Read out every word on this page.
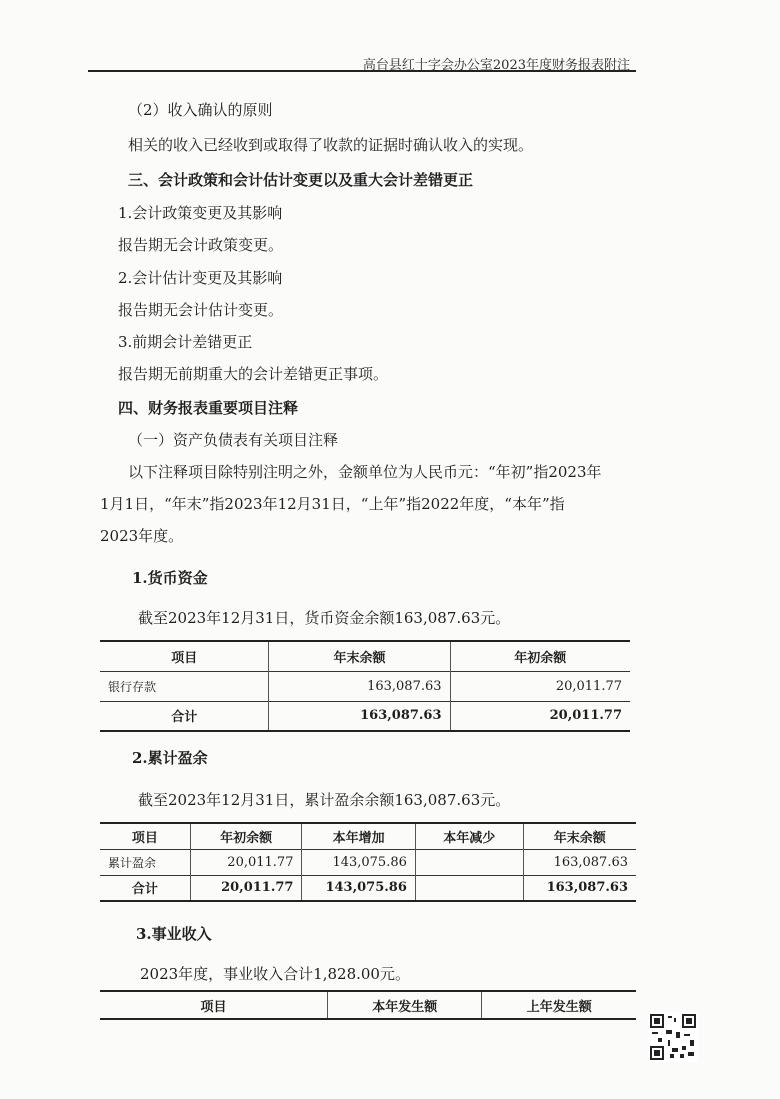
高台县红十字会办公室2023年度财务报表附注
（2）收入确认的原则
相关的收入已经收到或取得了收款的证据时确认收入的实现。
三、会计政策和会计估计变更以及重大会计差错更正
1.会计政策变更及其影响
报告期无会计政策变更。
2.会计估计变更及其影响
报告期无会计估计变更。
3.前期会计差错更正
报告期无前期重大的会计差错更正事项。
四、财务报表重要项目注释
（一）资产负债表有关项目注释
以下注释项目除特别注明之外，金额单位为人民币元：“年初”指2023年
1月1日，“年末”指2023年12月31日，“上年”指2022年度，“本年”指
2023年度。
1.货币资金
截至2023年12月31日，货币资金余额163,087.63元。
项目	年末余额	年初余额
银行存款	163,087.63	20,011.77
合计	163,087.63	20,011.77
2.累计盈余
截至2023年12月31日，累计盈余余额163,087.63元。
项目	年初余额	本年增加	本年减少	年末余额
累计盈余	20,011.77	143,075.86		163,087.63
合计	20,011.77	143,075.86		163,087.63
3.事业收入
2023年度，事业收入合计1,828.00元。
项目	本年发生额	上年发生额
